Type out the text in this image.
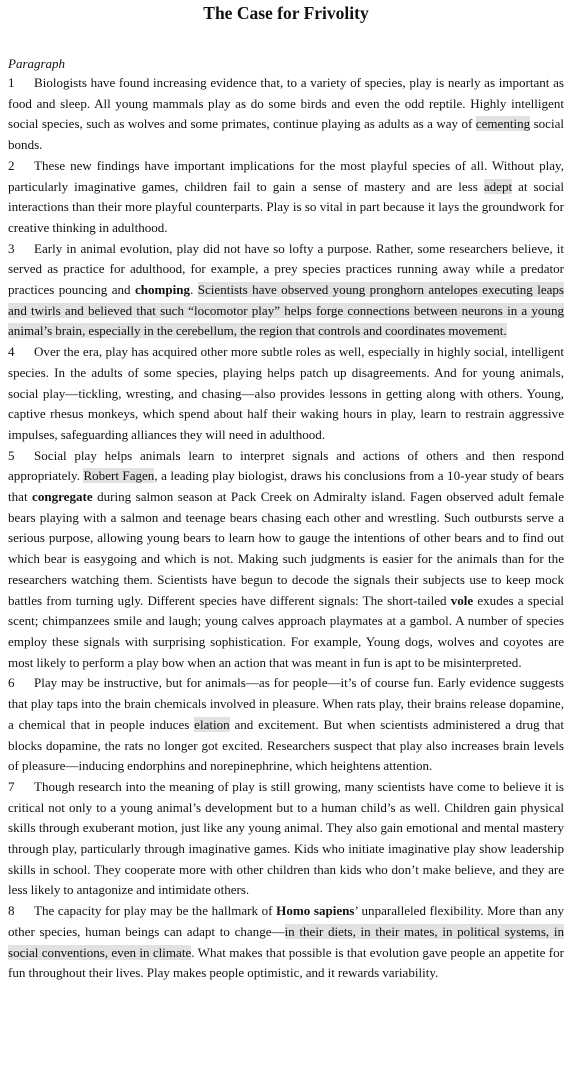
The Case for Frivolity
Paragraph

1 Biologists have found increasing evidence that, to a variety of species, play is nearly as important as food and sleep. All young mammals play as do some birds and even the odd reptile. Highly intelligent social species, such as wolves and some primates, continue playing as adults as a way of cementing social bonds.

2 These new findings have important implications for the most playful species of all. Without play, particularly imaginative games, children fail to gain a sense of mastery and are less adept at social interactions than their more playful counterparts. Play is so vital in part because it lays the groundwork for creative thinking in adulthood.

3 Early in animal evolution, play did not have so lofty a purpose. Rather, some researchers believe, it served as practice for adulthood, for example, a prey species practices running away while a predator practices pouncing and chomping. Scientists have observed young pronghorn antelopes executing leaps and twirls and believed that such “locomotor play” helps forge connections between neurons in a young animal’s brain, especially in the cerebellum, the region that controls and coordinates movement.

4 Over the era, play has acquired other more subtle roles as well, especially in highly social, intelligent species. In the adults of some species, playing helps patch up disagreements. And for young animals, social play—tickling, wresting, and chasing—also provides lessons in getting along with others. Young, captive rhesus monkeys, which spend about half their waking hours in play, learn to restrain aggressive impulses, safeguarding alliances they will need in adulthood.

5 Social play helps animals learn to interpret signals and actions of others and then respond appropriately. Robert Fagen, a leading play biologist, draws his conclusions from a 10-year study of bears that congregate during salmon season at Pack Creek on Admiralty island. Fagen observed adult female bears playing with a salmon and teenage bears chasing each other and wrestling. Such outbursts serve a serious purpose, allowing young bears to learn how to gauge the intentions of other bears and to find out which bear is easygoing and which is not. Making such judgments is easier for the animals than for the researchers watching them. Scientists have begun to decode the signals their subjects use to keep mock battles from turning ugly. Different species have different signals: The short-tailed vole exudes a special scent; chimpanzees smile and laugh; young calves approach playmates at a gambol. A number of species employ these signals with surprising sophistication. For example, Young dogs, wolves and coyotes are most likely to perform a play bow when an action that was meant in fun is apt to be misinterpreted.

6 Play may be instructive, but for animals—as for people—it’s of course fun. Early evidence suggests that play taps into the brain chemicals involved in pleasure. When rats play, their brains release dopamine, a chemical that in people induces elation and excitement. But when scientists administered a drug that blocks dopamine, the rats no longer got excited. Researchers suspect that play also increases brain levels of pleasure—inducing endorphins and norepinephrine, which heightens attention.

7 Though research into the meaning of play is still growing, many scientists have come to believe it is critical not only to a young animal’s development but to a human child’s as well. Children gain physical skills through exuberant motion, just like any young animal. They also gain emotional and mental mastery through play, particularly through imaginative games. Kids who initiate imaginative play show leadership skills in school. They cooperate more with other children than kids who don’t make believe, and they are less likely to antagonize and intimidate others.

8 The capacity for play may be the hallmark of Homo sapiens’ unparalleled flexibility. More than any other species, human beings can adapt to change—in their diets, in their mates, in political systems, in social conventions, even in climate. What makes that possible is that evolution gave people an appetite for fun throughout their lives. Play makes people optimistic, and it rewards variability.
